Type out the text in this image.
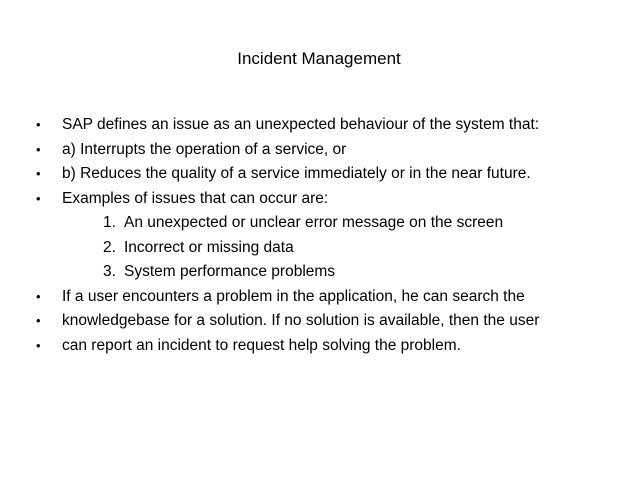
Incident Management
•	SAP defines an issue as an unexpected behaviour of the system that:
•	a) Interrupts the operation of a service, or
•	b) Reduces the quality of a service immediately or in the near future.
•	Examples of issues that can occur are:
1. An unexpected or unclear error message on the screen
2. Incorrect or missing data
3. System performance problems
•	If a user encounters a problem in the application, he can search the
•	knowledgebase for a solution. If no solution is available, then the user
•	can report an incident to request help solving the problem.
